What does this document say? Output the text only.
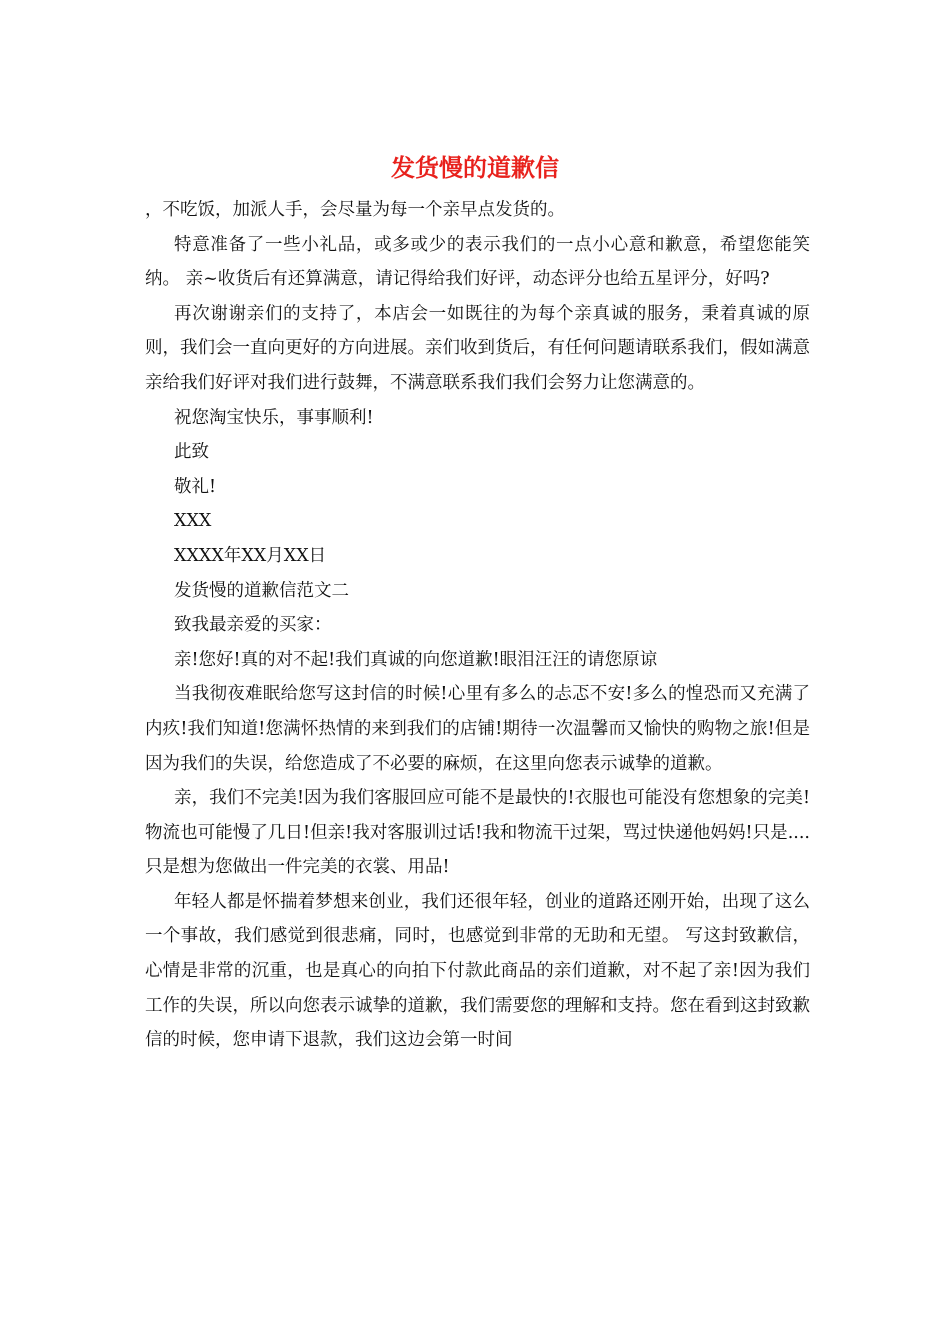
发货慢的道歉信

，不吃饭，加派人手，会尽量为每一个亲早点发货的。

特意准备了一些小礼品，或多或少的表示我们的一点小心意和歉意，希望您能笑纳。 亲~收货后有还算满意，请记得给我们好评，动态评分也给五星评分，好吗?

再次谢谢亲们的支持了，本店会一如既往的为每个亲真诚的服务，秉着真诚的原则，我们会一直向更好的方向进展。亲们收到货后，有任何问题请联系我们，假如满意亲给我们好评对我们进行鼓舞，不满意联系我们我们会努力让您满意的。

祝您淘宝快乐，事事顺利!

此致

敬礼!

XXX

XXXX年XX月XX日

发货慢的道歉信范文二

致我最亲爱的买家：

亲!您好!真的对不起!我们真诚的向您道歉!眼泪汪汪的请您原谅

当我彻夜难眠给您写这封信的时候!心里有多么的忐忑不安!多么的惶恐而又充满了内疚!我们知道!您满怀热情的来到我们的店铺!期待一次温馨而又愉快的购物之旅!但是因为我们的失误，给您造成了不必要的麻烦，在这里向您表示诚挚的道歉。

亲，我们不完美!因为我们客服回应可能不是最快的!衣服也可能没有您想象的完美!物流也可能慢了几日!但亲!我对客服训过话!我和物流干过架，骂过快递他妈妈!只是....只是想为您做出一件完美的衣裳、用品!

年轻人都是怀揣着梦想来创业，我们还很年轻，创业的道路还刚开始，出现了这么一个事故，我们感觉到很悲痛，同时，也感觉到非常的无助和无望。 写这封致歉信，心情是非常的沉重，也是真心的向拍下付款此商品的亲们道歉，对不起了亲!因为我们工作的失误，所以向您表示诚挚的道歉，我们需要您的理解和支持。您在看到这封致歉信的时候，您申请下退款，我们这边会第一时间
